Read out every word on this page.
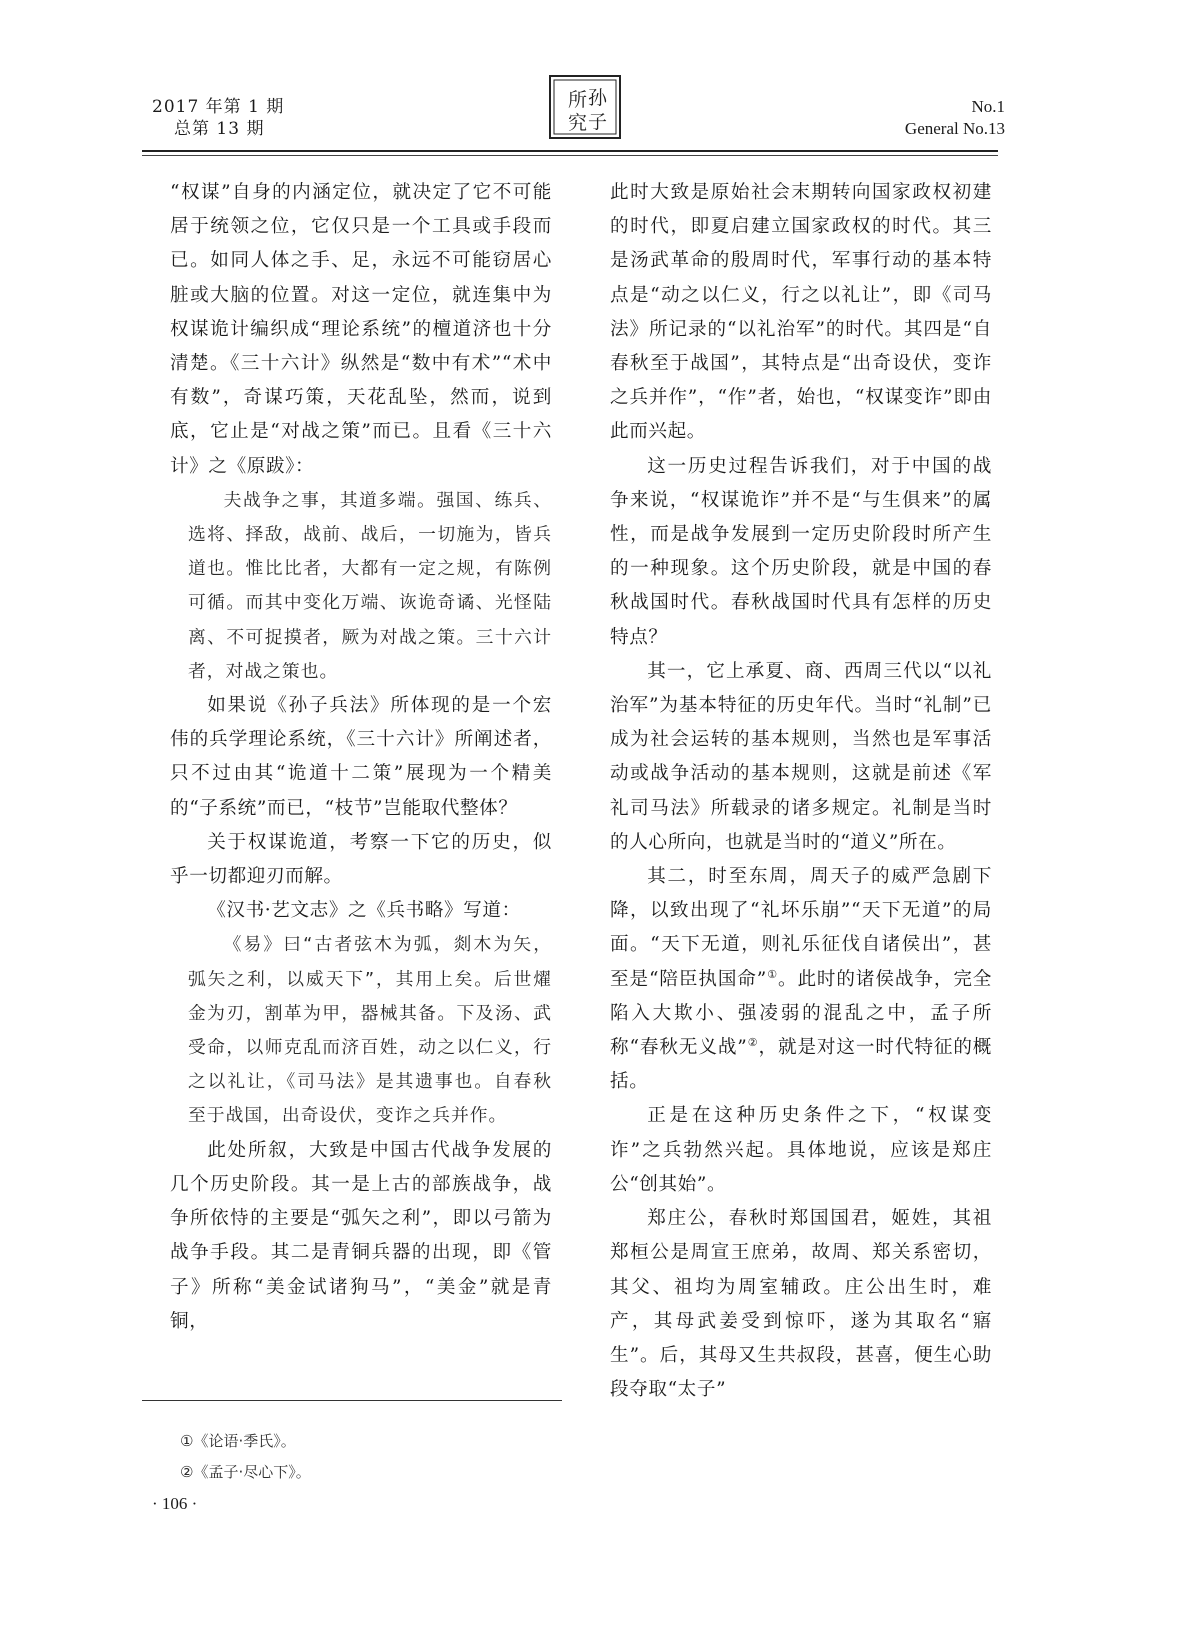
2017 年第 1 期
总第 13 期
所 孙
究 子
No.1
General No.13

“权谋”自身的内涵定位，就决定了它不可能居于统领之位，它仅只是一个工具或手段而已。如同人体之手、足，永远不可能窃居心脏或大脑的位置。对这一定位，就连集中为权谋诡计编织成“理论系统”的檀道济也十分清楚。《三十六计》纵然是“数中有术”“术中有数”，奇谋巧策，天花乱坠，然而，说到底，它止是“对战之策”而已。且看《三十六计》之《原跋》：

夫战争之事，其道多端。强国、练兵、选将、择敌，战前、战后，一切施为，皆兵道也。惟比比者，大都有一定之规，有陈例可循。而其中变化万端、诙诡奇谲、光怪陆离、不可捉摸者，厥为对战之策。三十六计者，对战之策也。

如果说《孙子兵法》所体现的是一个宏伟的兵学理论系统，《三十六计》所阐述者，只不过由其“诡道十二策”展现为一个精美的“子系统”而已，“枝节”岂能取代整体？

关于权谋诡道，考察一下它的历史，似乎一切都迎刃而解。

《汉书·艺文志》之《兵书略》写道：

《易》曰“古者弦木为弧，剡木为矢，弧矢之利，以威天下”，其用上矣。后世燿金为刃，割革为甲，器械其备。下及汤、武受命，以师克乱而济百姓，动之以仁义，行之以礼让，《司马法》是其遗事也。自春秋至于战国，出奇设伏，变诈之兵并作。

此处所叙，大致是中国古代战争发展的几个历史阶段。其一是上古的部族战争，战争所依恃的主要是“弧矢之利”，即以弓箭为战争手段。其二是青铜兵器的出现，即《管子》所称“美金试诸狗马”，“美金”就是青铜，

此时大致是原始社会末期转向国家政权初建的时代，即夏启建立国家政权的时代。其三是汤武革命的殷周时代，军事行动的基本特点是“动之以仁义，行之以礼让”，即《司马法》所记录的“以礼治军”的时代。其四是“自春秋至于战国”，其特点是“出奇设伏，变诈之兵并作”，“作”者，始也，“权谋变诈”即由此而兴起。

这一历史过程告诉我们，对于中国的战争来说，“权谋诡诈”并不是“与生俱来”的属性，而是战争发展到一定历史阶段时所产生的一种现象。这个历史阶段，就是中国的春秋战国时代。春秋战国时代具有怎样的历史特点？

其一，它上承夏、商、西周三代以“以礼治军”为基本特征的历史年代。当时“礼制”已成为社会运转的基本规则，当然也是军事活动或战争活动的基本规则，这就是前述《军礼司马法》所载录的诸多规定。礼制是当时的人心所向，也就是当时的“道义”所在。

其二，时至东周，周天子的威严急剧下降，以致出现了“礼坏乐崩”“天下无道”的局面。“天下无道，则礼乐征伐自诸侯出”，甚至是“陪臣执国命”①。此时的诸侯战争，完全陷入大欺小、强凌弱的混乱之中，孟子所称“春秋无义战”②，就是对这一时代特征的概括。

正是在这种历史条件之下，“权谋变诈”之兵勃然兴起。具体地说，应该是郑庄公“创其始”。

郑庄公，春秋时郑国国君，姬姓，其祖郑桓公是周宣王庶弟，故周、郑关系密切，其父、祖均为周室辅政。庄公出生时，难产，其母武姜受到惊吓，遂为其取名“寤生”。后，其母又生共叔段，甚喜，便生心助段夺取“太子”

①《论语·季氏》。
②《孟子·尽心下》。
· 106 ·
